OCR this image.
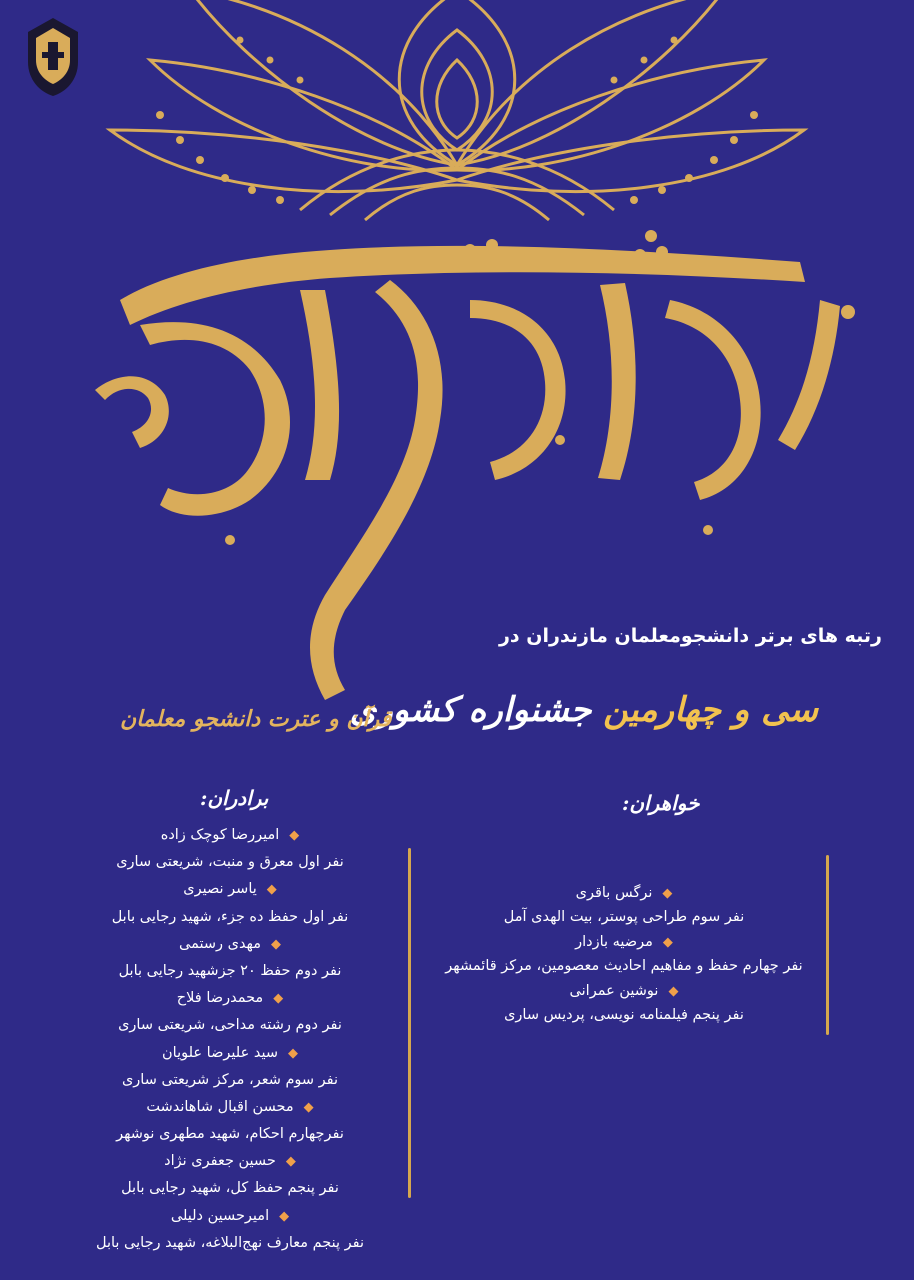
رتبه های برتر دانشجومعلمان مازندران در
سی و چهارمین جشنواره کشوری
قرآن و عترت دانشجو معلمان
برادران:
◆امیررضا کوچک زاده
نفر اول معرق و منبت، شریعتی ساری
◆یاسر نصیری
نفر اول حفظ ده جزء، شهید رجایی بابل
◆مهدی رستمی
نفر دوم حفظ ۲۰ جزشهید رجایی بابل
◆محمدرضا فلاح
نفر دوم رشته مداحی، شریعتی ساری
◆سید علیرضا علویان
نفر سوم شعر، مرکز شریعتی ساری
◆محسن اقبال شاهاندشت
نفرچهارم احکام، شهید مطهری نوشهر
◆حسین جعفری نژاد
نفر پنجم حفظ کل، شهید رجایی بابل
◆امیرحسین دلیلی
نفر پنجم معارف نهج‌البلاغه، شهید رجایی بابل
خواهران:
◆نرگس باقری
نفر سوم طراحی پوستر، بیت الهدی آمل
◆مرضیه بازدار
نفر چهارم حفظ و مفاهیم احادیث معصومین، مرکز قائمشهر
◆نوشین عمرانی
نفر پنجم فیلمنامه نویسی، پردیس ساری
